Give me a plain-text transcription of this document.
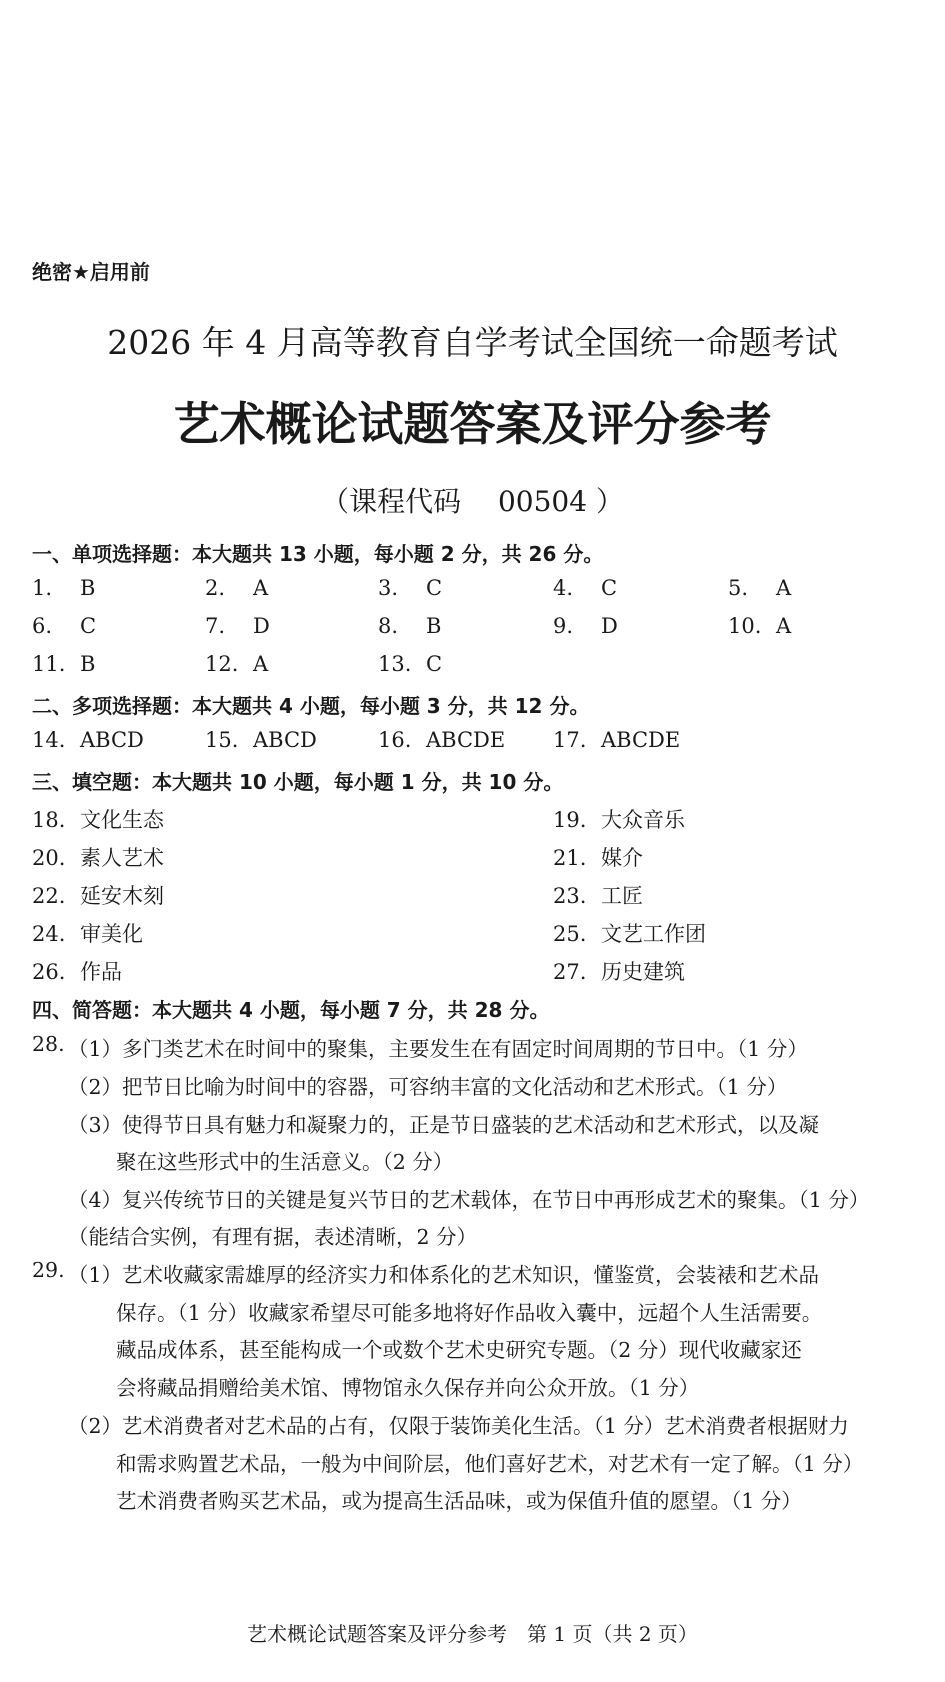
绝密★启用前
2026 年 4 月高等教育自学考试全国统一命题考试
艺术概论试题答案及评分参考
（课程代码　 00504 ）
一、单项选择题：本大题共 13 小题，每小题 2 分，共 26 分。
1. B	2. A	3. C	4. C	5. A
6. C	7. D	8. B	9. D	10. A
11. B	12. A	13. C
二、多项选择题：本大题共 4 小题，每小题 3 分，共 12 分。
14. ABCD	15. ABCD	16. ABCDE 17. ABCDE
三、填空题：本大题共 10 小题，每小题 1 分，共 10 分。
18. 文化生态	19. 大众音乐
20. 素人艺术	21. 媒介
22. 延安木刻	23. 工匠
24. 审美化	25. 文艺工作团
26. 作品	27. 历史建筑
四、简答题：本大题共 4 小题，每小题 7 分，共 28 分。
28. （1）多门类艺术在时间中的聚集，主要发生在有固定时间周期的节日中。（1 分）
（2）把节日比喻为时间中的容器，可容纳丰富的文化活动和艺术形式。（1 分）
（3）使得节日具有魅力和凝聚力的，正是节日盛装的艺术活动和艺术形式，以及凝
聚在这些形式中的生活意义。（2 分）
（4）复兴传统节日的关键是复兴节日的艺术载体，在节日中再形成艺术的聚集。（1 分）
（能结合实例，有理有据，表述清晰，2 分）
29. （1）艺术收藏家需雄厚的经济实力和体系化的艺术知识，懂鉴赏，会装裱和艺术品
保存。（1 分）收藏家希望尽可能多地将好作品收入囊中，远超个人生活需要。
藏品成体系，甚至能构成一个或数个艺术史研究专题。（2 分）现代收藏家还
会将藏品捐赠给美术馆、博物馆永久保存并向公众开放。（1 分）
（2）艺术消费者对艺术品的占有，仅限于装饰美化生活。（1 分）艺术消费者根据财力
和需求购置艺术品，一般为中间阶层，他们喜好艺术，对艺术有一定了解。（1 分）
艺术消费者购买艺术品，或为提高生活品味，或为保值升值的愿望。（1 分）
艺术概论试题答案及评分参考　第 1 页（共 2 页）
